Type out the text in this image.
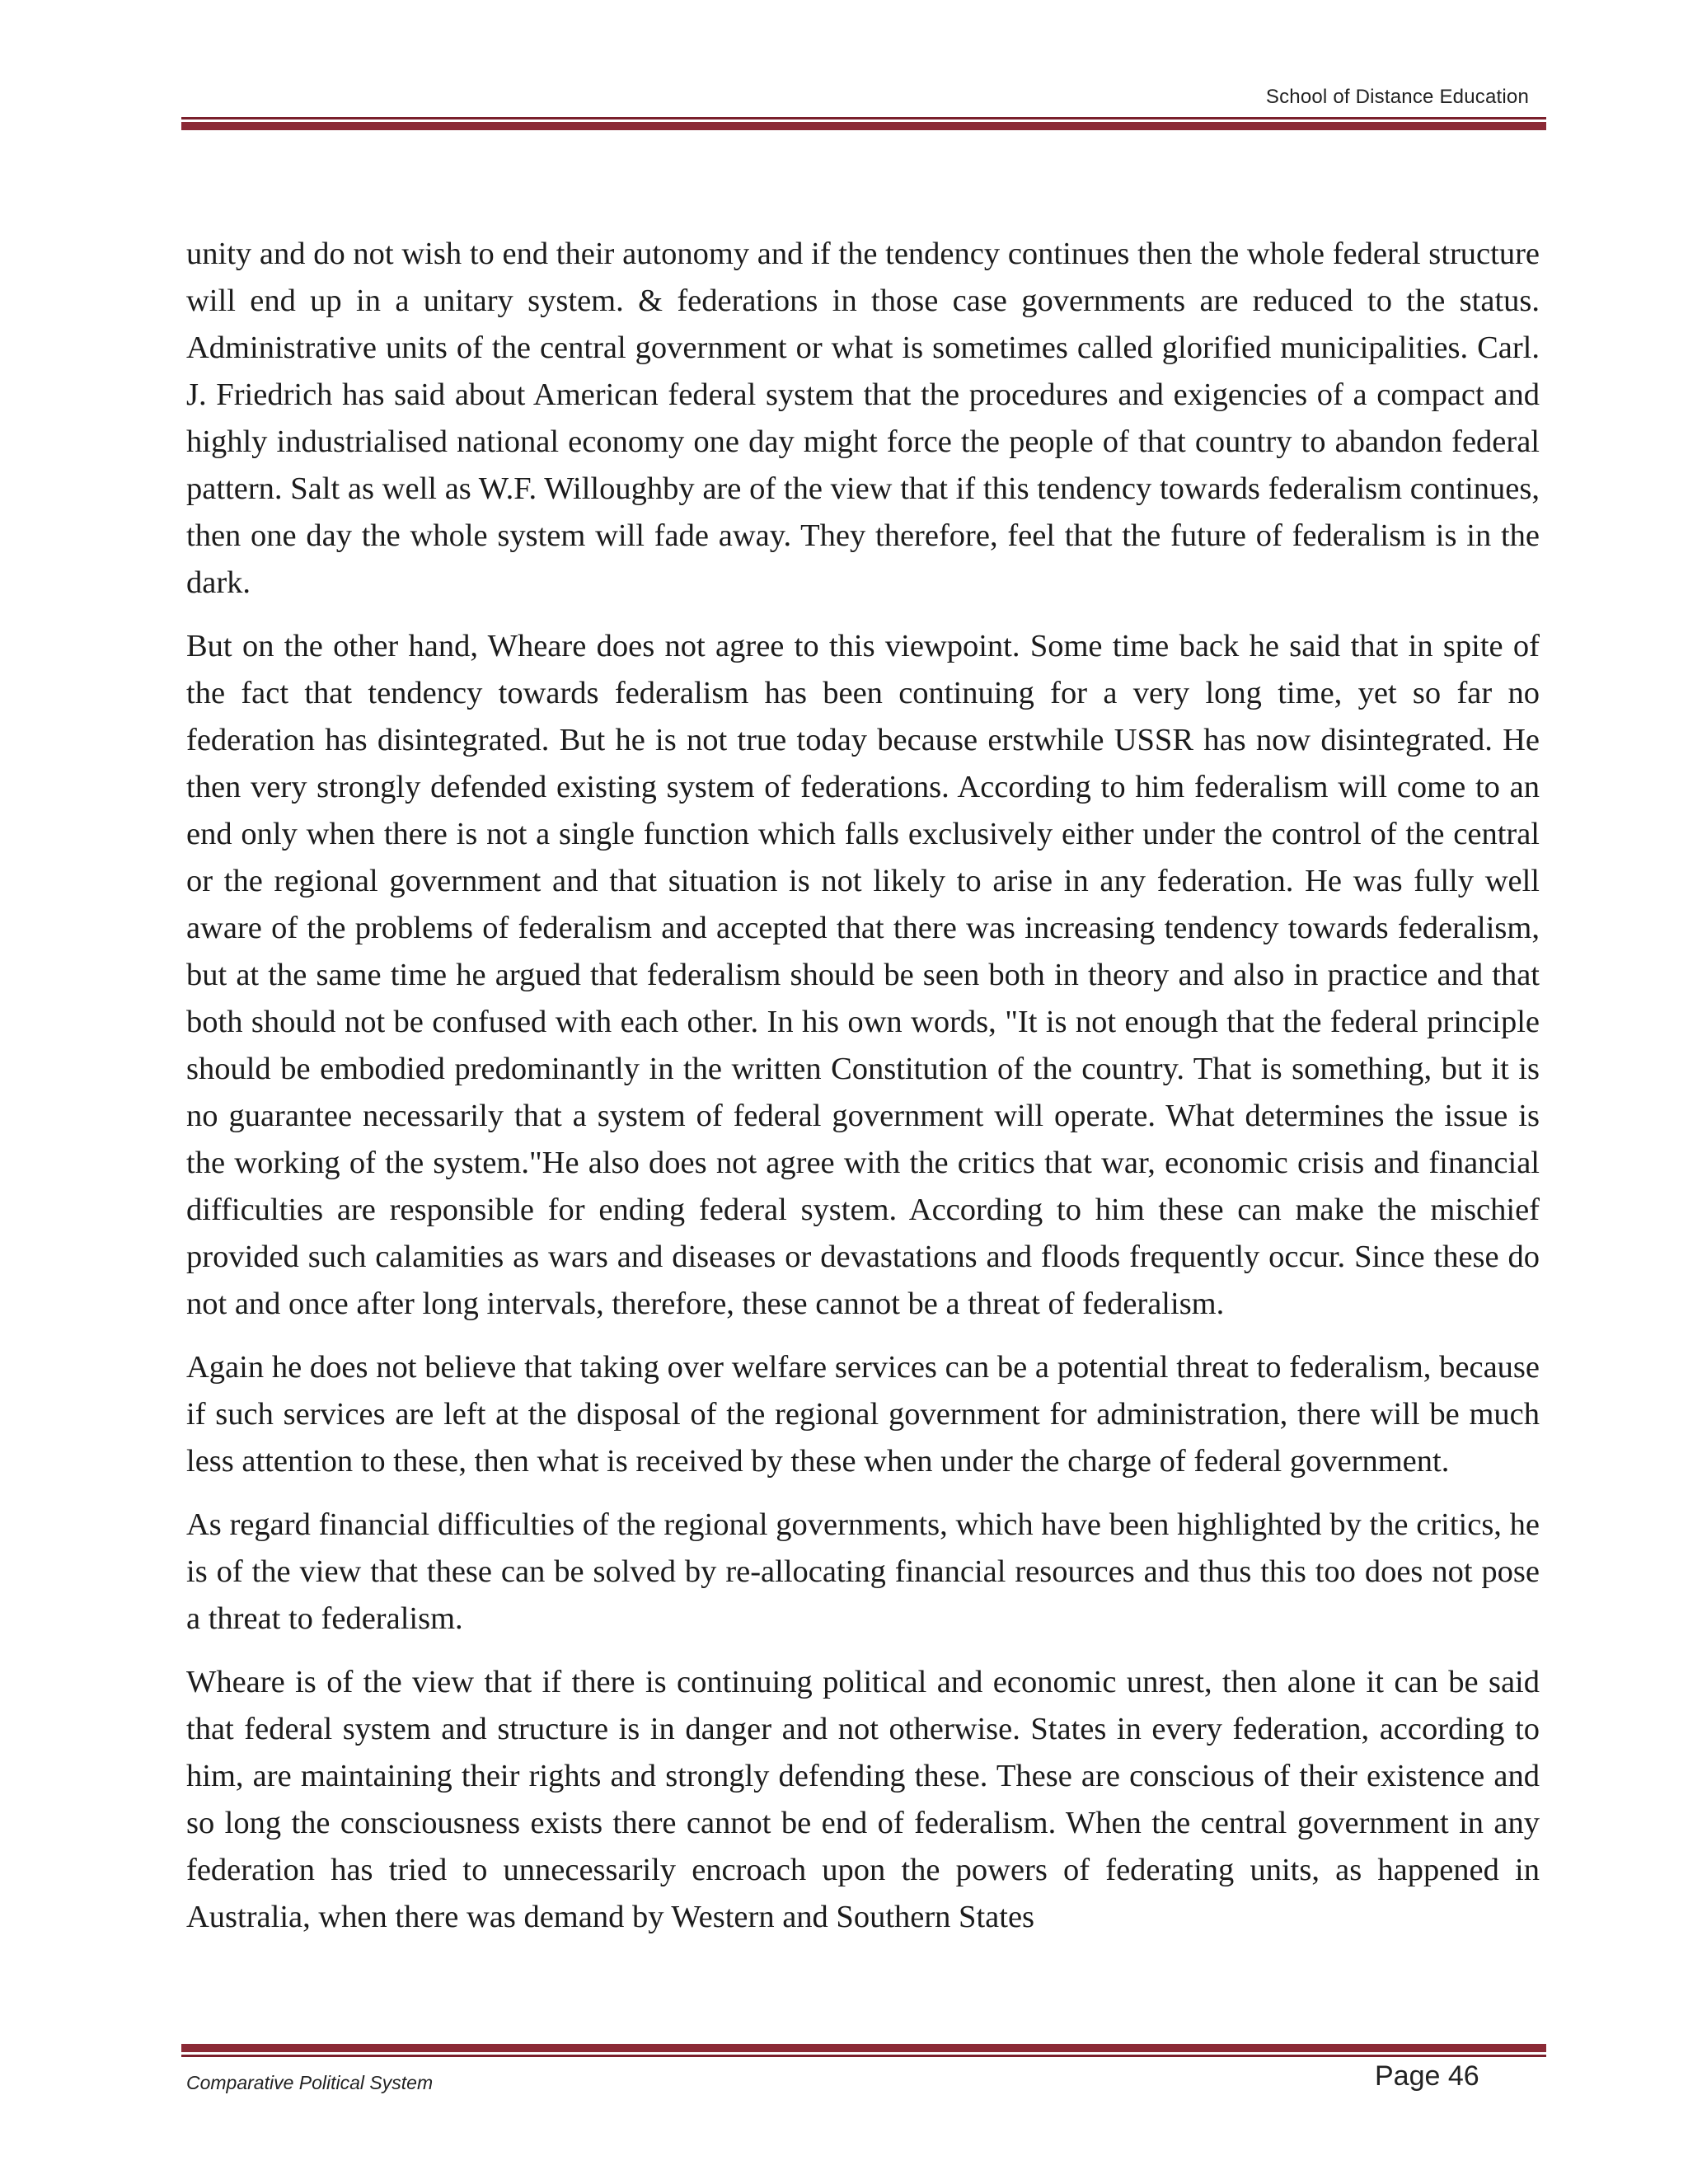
School of Distance Education

unity and do not wish to end their autonomy and if the tendency continues then the whole federal structure will end up in a unitary system. & federations in those case governments are reduced to the status. Administrative units of the central government or what is sometimes called glorified municipalities. Carl. J. Friedrich has said about American federal system that the procedures and exigencies of a compact and highly industrialised national economy one day might force the people of that country to abandon federal pattern. Salt as well as W.F. Willoughby are of the view that if this tendency towards federalism continues, then one day the whole system will fade away. They therefore, feel that the future of federalism is in the dark.

But on the other hand, Wheare does not agree to this viewpoint. Some time back he said that in spite of the fact that tendency towards federalism has been continuing for a very long time, yet so far no federation has disintegrated. But he is not true today because erstwhile USSR has now disintegrated. He then very strongly defended existing system of federations. According to him federalism will come to an end only when there is not a single function which falls exclusively either under the control of the central or the regional government and that situation is not likely to arise in any federation. He was fully well aware of the problems of federalism and accepted that there was increasing tendency towards federalism, but at the same time he argued that federalism should be seen both in theory and also in practice and that both should not be confused with each other. In his own words, "It is not enough that the federal principle should be embodied predominantly in the written Constitution of the country. That is something, but it is no guarantee necessarily that a system of federal government will operate. What determines the issue is the working of the system."He also does not agree with the critics that war, economic crisis and financial difficulties are responsible for ending federal system. According to him these can make the mischief provided such calamities as wars and diseases or devastations and floods frequently occur. Since these do not and once after long intervals, therefore, these cannot be a threat of federalism.

Again he does not believe that taking over welfare services can be a potential threat to federalism, because if such services are left at the disposal of the regional government for administration, there will be much less attention to these, then what is received by these when under the charge of federal government.

As regard financial difficulties of the regional governments, which have been highlighted by the critics, he is of the view that these can be solved by re-allocating financial resources and thus this too does not pose a threat to federalism.

Wheare is of the view that if there is continuing political and economic unrest, then alone it can be said that federal system and structure is in danger and not otherwise. States in every federation, according to him, are maintaining their rights and strongly defending these. These are conscious of their existence and so long the consciousness exists there cannot be end of federalism. When the central government in any federation has tried to unnecessarily encroach upon the powers of federating units, as happened in Australia, when there was demand by Western and Southern States

Comparative Political System	Page 46
